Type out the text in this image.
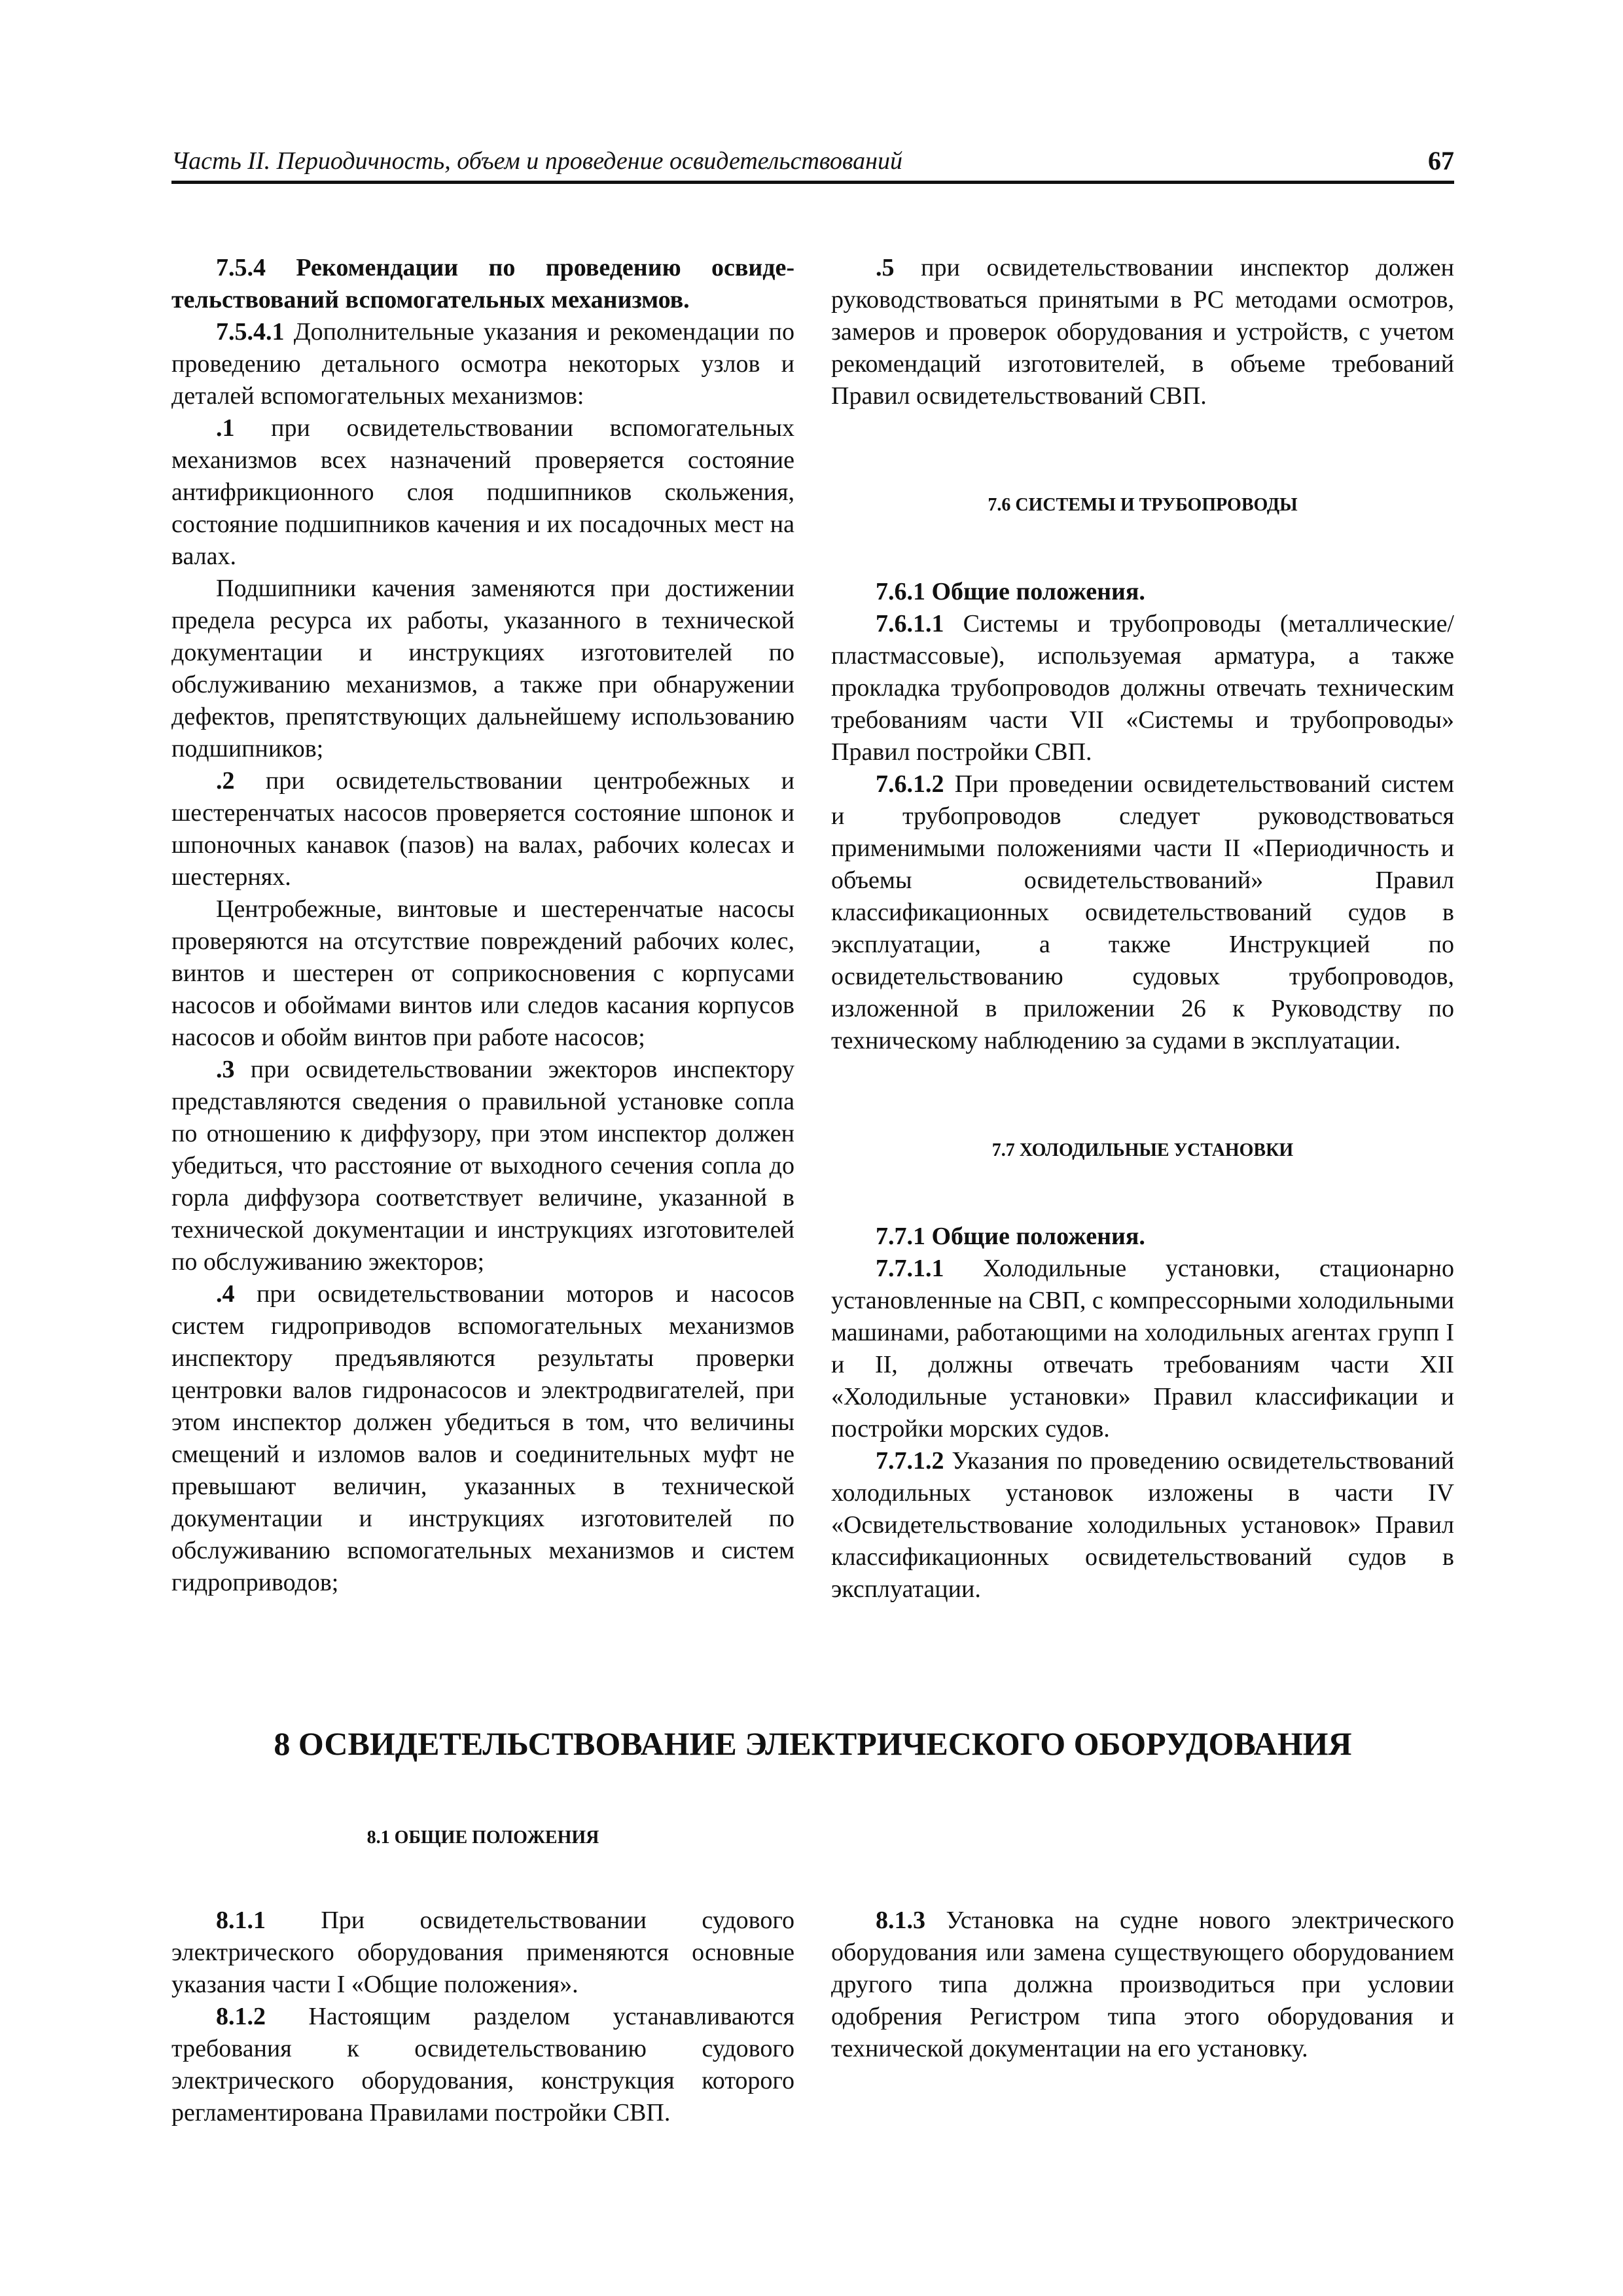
Часть II. Периодичность, объем и проведение освидетельствований	67

7.5.4 Рекомендации по проведению освиде-тельствований вспомогательных механизмов.

7.5.4.1 Дополнительные указания и рекомендации по проведению детального осмотра некоторых узлов и деталей вспомогательных механизмов:

.1 при освидетельствовании вспомогательных механизмов всех назначений проверяется состояние антифрикционного слоя подшипников скольжения, состояние подшипников качения и их посадочных мест на валах.

Подшипники качения заменяются при достижении предела ресурса их работы, указанного в технической документации и инструкциях изготовителей по обслуживанию механизмов, а также при обнаружении дефектов, препятствующих дальнейшему использованию подшипников;

.2 при освидетельствовании центробежных и шестеренчатых насосов проверяется состояние шпонок и шпоночных канавок (пазов) на валах, рабочих колесах и шестернях.

Центробежные, винтовые и шестеренчатые насосы проверяются на отсутствие повреждений рабочих колес, винтов и шестерен от соприкосновения с корпусами насосов и обоймами винтов или следов касания корпусов насосов и обойм винтов при работе насосов;

.3 при освидетельствовании эжекторов инспектору представляются сведения о правильной установке сопла по отношению к диффузору, при этом инспектор должен убедиться, что расстояние от выходного сечения сопла до горла диффузора соответствует величине, указанной в технической документации и инструкциях изготовителей по обслуживанию эжекторов;

.4 при освидетельствовании моторов и насосов систем гидроприводов вспомогательных механизмов инспектору предъявляются результаты проверки центровки валов гидронасосов и электродвигателей, при этом инспектор должен убедиться в том, что величины смещений и изломов валов и соединительных муфт не превышают величин, указанных в технической документации и инструкциях изготовителей по обслуживанию вспомогательных механизмов и систем гидроприводов;

.5 при освидетельствовании инспектор должен руководствоваться принятыми в РС методами осмотров, замеров и проверок оборудования и устройств, с учетом рекомендаций изготовителей, в объеме требований Правил освидетельствований СВП.

7.6 СИСТЕМЫ И ТРУБОПРОВОДЫ

7.6.1 Общие положения.

7.6.1.1 Системы и трубопроводы (металлические/ пластмассовые), используемая арматура, а также прокладка трубопроводов должны отвечать техническим требованиям части VII «Системы и трубопроводы» Правил постройки СВП.

7.6.1.2 При проведении освидетельствований систем и трубопроводов следует руководствоваться применимыми положениями части II «Периодичность и объемы освидетельствований» Правил классификационных освидетельствований судов в эксплуатации, а также Инструкцией по освидетельствованию судовых трубопроводов, изложенной в приложении 26 к Руководству по техническому наблюдению за судами в эксплуатации.

7.7 ХОЛОДИЛЬНЫЕ УСТАНОВКИ

7.7.1 Общие положения.

7.7.1.1 Холодильные установки, стационарно установленные на СВП, с компрессорными холодильными машинами, работающими на холодильных агентах групп I и II, должны отвечать требованиям части XII «Холодильные установки» Правил классификации и постройки морских судов.

7.7.1.2 Указания по проведению освидетельствований холодильных установок изложены в части IV «Освидетельствование холодильных установок» Правил классификационных освидетельствований судов в эксплуатации.

8 ОСВИДЕТЕЛЬСТВОВАНИЕ ЭЛЕКТРИЧЕСКОГО ОБОРУДОВАНИЯ
8.1 ОБЩИЕ ПОЛОЖЕНИЯ

8.1.1 При освидетельствовании судового электрического оборудования применяются основные указания части I «Общие положения».

8.1.2 Настоящим разделом устанавливаются требования к освидетельствованию судового электрического оборудования, конструкция которого регламентирована Правилами постройки СВП.

8.1.3 Установка на судне нового электрического оборудования или замена существующего оборудованием другого типа должна производиться при условии одобрения Регистром типа этого оборудования и технической документации на его установку.
